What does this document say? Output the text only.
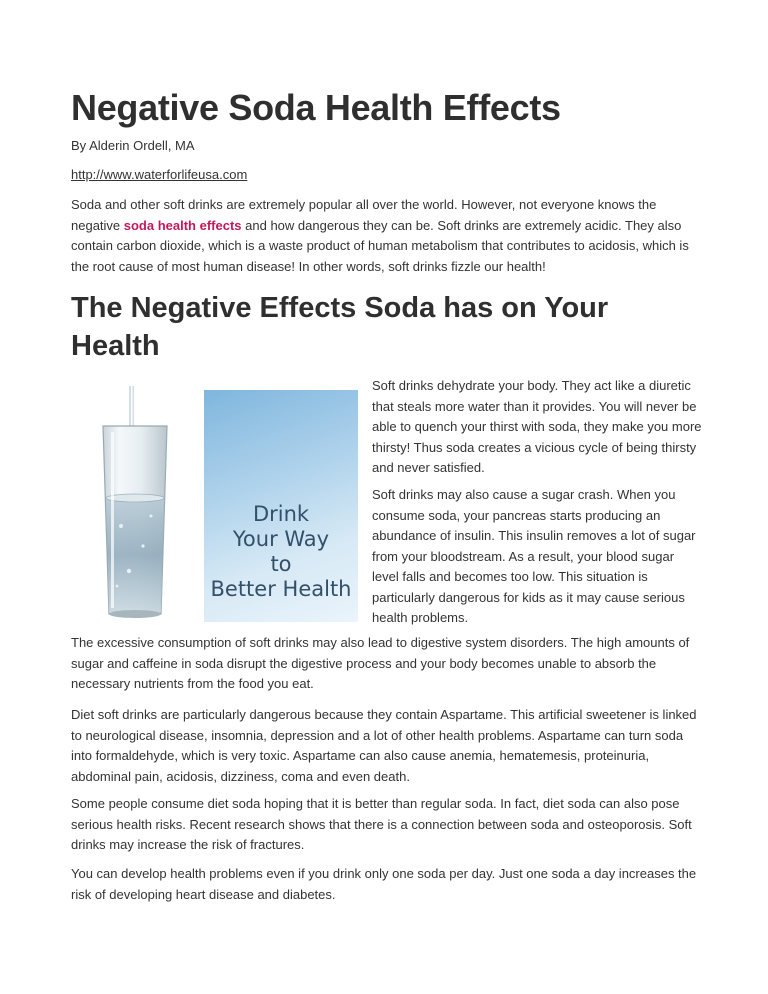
Negative Soda Health Effects
By Alderin Ordell, MA
http://www.waterforlifeusa.com

Soda and other soft drinks are extremely popular all over the world. However, not everyone knows the negative soda health effects and how dangerous they can be. Soft drinks are extremely acidic. They also contain carbon dioxide, which is a waste product of human metabolism that contributes to acidosis, which is the root cause of most human disease! In other words, soft drinks fizzle our health!

The Negative Effects Soda has on Your Health
Drink
Your Way
to
Better Health

Soft drinks dehydrate your body. They act like a diuretic that steals more water than it provides. You will never be able to quench your thirst with soda, they make you more thirsty! Thus soda creates a vicious cycle of being thirsty and never satisfied.

Soft drinks may also cause a sugar crash. When you consume soda, your pancreas starts producing an abundance of insulin. This insulin removes a lot of sugar from your bloodstream. As a result, your blood sugar level falls and becomes too low. This situation is particularly dangerous for kids as it may cause serious health problems.

The excessive consumption of soft drinks may also lead to digestive system disorders. The high amounts of sugar and caffeine in soda disrupt the digestive process and your body becomes unable to absorb the necessary nutrients from the food you eat.

Diet soft drinks are particularly dangerous because they contain Aspartame. This artificial sweetener is linked to neurological disease, insomnia, depression and a lot of other health problems. Aspartame can turn soda into formaldehyde, which is very toxic. Aspartame can also cause anemia, hematemesis, proteinuria, abdominal pain, acidosis, dizziness, coma and even death.

Some people consume diet soda hoping that it is better than regular soda. In fact, diet soda can also pose serious health risks. Recent research shows that there is a connection between soda and osteoporosis. Soft drinks may increase the risk of fractures.

You can develop health problems even if you drink only one soda per day. Just one soda a day increases the risk of developing heart disease and diabetes.
